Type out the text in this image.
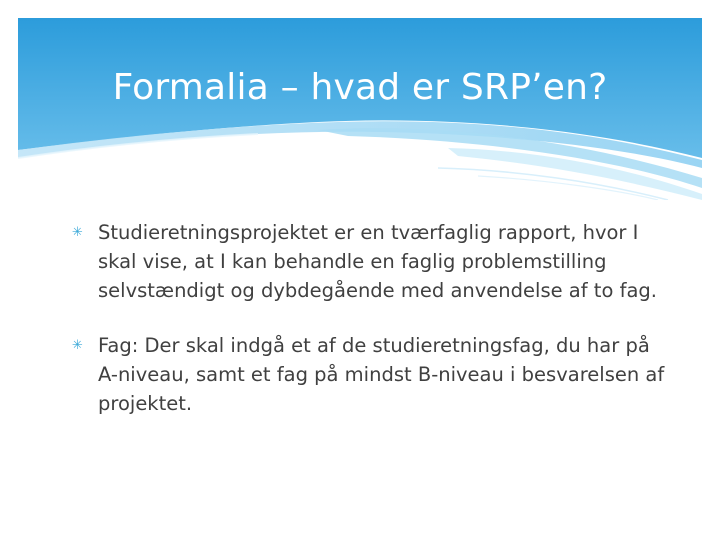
Formalia – hvad er SRP’en?
✳ Studieretningsprojektet er en tværfaglig rapport, hvor I skal vise, at I kan behandle en faglig problemstilling selvstændigt og dybdegående med anvendelse af to fag.
✳ Fag: Der skal indgå et af de studieretningsfag, du har på A-niveau, samt et fag på mindst B-niveau i besvarelsen af projektet.
